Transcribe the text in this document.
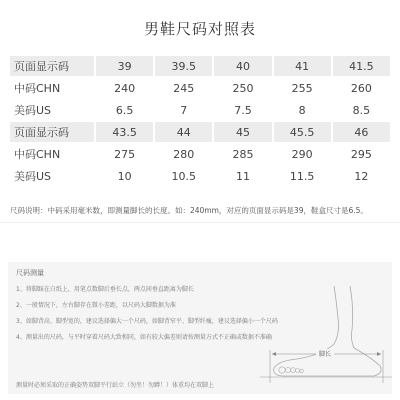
男鞋尺码对照表
页面显示码	39	39.5	40	41	41.5
中码CHN	240	245	250	255	260
美码US	6.5	7	7.5	8	8.5
页面显示码	43.5	44	45	45.5	46
中码CHN	275	280	285	290	295
美码US	10	10.5	11	11.5	12
尺码说明：中码采用毫米数，即测量脚长的长度。如：240mm，对应的页面显示码是39，鞋盒尺寸是6.5。
尺码测量
1、将脚踩在白纸上，用笔点数脚后垂长点，两点间垂直距离为脚长
2、一般情况下，左右脚存在微小差距，以尺码大脚数据为准
3、如脚背高、脚型宽的，建议选择偏大一个尺码，如脚背窄平、脚型纤瘦，建议选择偏小一个尺码
4、测量出的尺码，与平时穿着尺码大致相同，如有较大偏差则请按测量方式不正确或数据不准确
脚长
测量时必须采取的正确姿势双脚平行站立（勿坐！勿蹲！）体重均在双脚上
